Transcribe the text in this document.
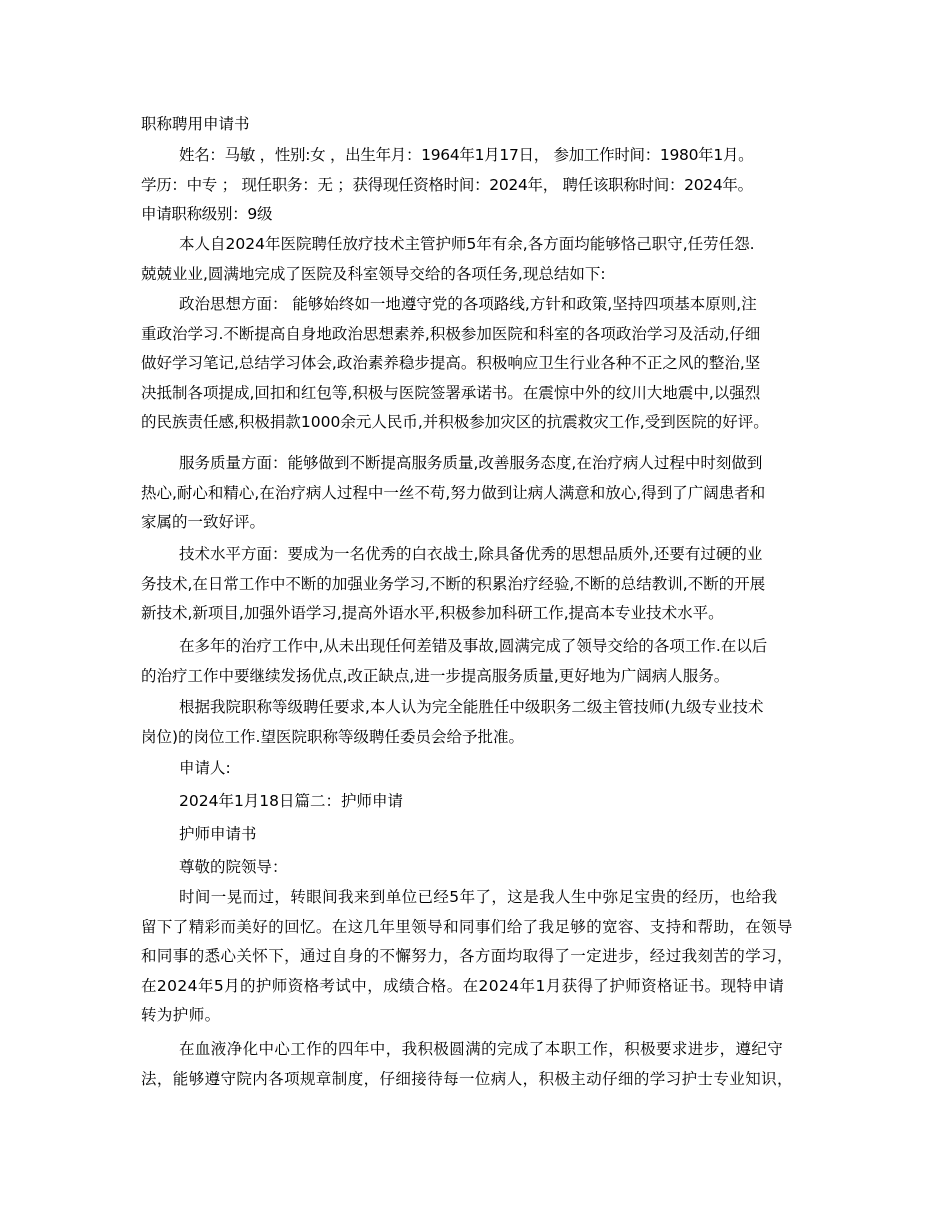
职称聘用申请书
姓名：马敏 ，性别:女 ，出生年月：1964年1月17日， 参加工作时间：1980年1月。
学历：中专 ； 现任职务：无 ；获得现任资格时间：2024年， 聘任该职称时间：2024年。
申请职称级别：9级
本人自2024年医院聘任放疗技术主管护师5年有余,各方面均能够恪己职守,任劳任怨.
兢兢业业,圆满地完成了医院及科室领导交给的各项任务,现总结如下:
政治思想方面： 能够始终如一地遵守党的各项路线,方针和政策,坚持四项基本原则,注
重政治学习.不断提高自身地政治思想素养,积极参加医院和科室的各项政治学习及活动,仔细
做好学习笔记,总结学习体会,政治素养稳步提高。积极响应卫生行业各种不正之风的整治,坚
决抵制各项提成,回扣和红包等,积极与医院签署承诺书。在震惊中外的纹川大地震中,以强烈
的民族责任感,积极捐款1000余元人民币,并积极参加灾区的抗震救灾工作,受到医院的好评。
服务质量方面：能够做到不断提高服务质量,改善服务态度,在治疗病人过程中时刻做到
热心,耐心和精心,在治疗病人过程中一丝不苟,努力做到让病人满意和放心,得到了广阔患者和
家属的一致好评。
技术水平方面：要成为一名优秀的白衣战士,除具备优秀的思想品质外,还要有过硬的业
务技术,在日常工作中不断的加强业务学习,不断的积累治疗经验,不断的总结教训,不断的开展
新技术,新项目,加强外语学习,提高外语水平,积极参加科研工作,提高本专业技术水平。
在多年的治疗工作中,从未出现任何差错及事故,圆满完成了领导交给的各项工作.在以后
的治疗工作中要继续发扬优点,改正缺点,进一步提高服务质量,更好地为广阔病人服务。
根据我院职称等级聘任要求,本人认为完全能胜任中级职务二级主管技师(九级专业技术
岗位)的岗位工作.望医院职称等级聘任委员会给予批准。
申请人:
2024年1月18日篇二：护师申请
护师申请书
尊敬的院领导：
时间一晃而过，转眼间我来到单位已经5年了，这是我人生中弥足宝贵的经历，也给我
留下了精彩而美好的回忆。在这几年里领导和同事们给了我足够的宽容、支持和帮助，在领导
和同事的悉心关怀下，通过自身的不懈努力，各方面均取得了一定进步，经过我刻苦的学习，
在2024年5月的护师资格考试中，成绩合格。在2024年1月获得了护师资格证书。现特申请
转为护师。
在血液净化中心工作的四年中，我积极圆满的完成了本职工作，积极要求进步，遵纪守
法，能够遵守院内各项规章制度，仔细接待每一位病人，积极主动仔细的学习护士专业知识，
